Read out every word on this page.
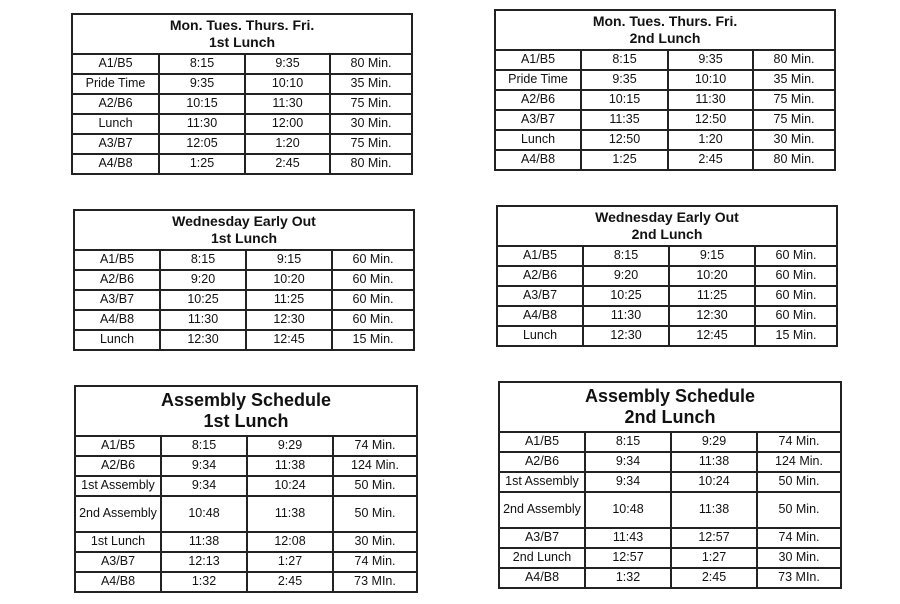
Mon. Tues. Thurs. Fri.
1st Lunch			

A1/B5	8:15	9:35	80 Min.
Pride Time	9:35	10:10	35 Min.
A2/B6	10:15	11:30	75 Min.
Lunch	11:30	12:00	30 Min.
A3/B7	12:05	1:20	75 Min.
A4/B8	1:25	2:45	80 Min.
Mon. Tues. Thurs. Fri.
2nd Lunch			

A1/B5	8:15	9:35	80 Min.
Pride Time	9:35	10:10	35 Min.
A2/B6	10:15	11:30	75 Min.
A3/B7	11:35	12:50	75 Min.
Lunch	12:50	1:20	30 Min.
A4/B8	1:25	2:45	80 Min.
Wednesday Early Out
1st Lunch			

A1/B5	8:15	9:15	60 Min.
A2/B6	9:20	10:20	60 Min.
A3/B7	10:25	11:25	60 Min.
A4/B8	11:30	12:30	60 Min.
Lunch	12:30	12:45	15 Min.
Wednesday Early Out
2nd Lunch			

A1/B5	8:15	9:15	60 Min.
A2/B6	9:20	10:20	60 Min.
A3/B7	10:25	11:25	60 Min.
A4/B8	11:30	12:30	60 Min.
Lunch	12:30	12:45	15 Min.
Assembly Schedule
1st Lunch			

A1/B5	8:15	9:29	74 Min.
A2/B6	9:34	11:38	124 Min.
1st Assembly	9:34	10:24	50 Min.
2nd Assembly	10:48	11:38	50 Min.
1st Lunch	11:38	12:08	30 Min.
A3/B7	12:13	1:27	74 Min.
A4/B8	1:32	2:45	73 MIn.
Assembly Schedule
2nd Lunch			

A1/B5	8:15	9:29	74 Min.
A2/B6	9:34	11:38	124 Min.
1st Assembly	9:34	10:24	50 Min.
2nd Assembly	10:48	11:38	50 Min.
A3/B7	11:43	12:57	74 Min.
2nd Lunch	12:57	1:27	30 Min.
A4/B8	1:32	2:45	73 MIn.
